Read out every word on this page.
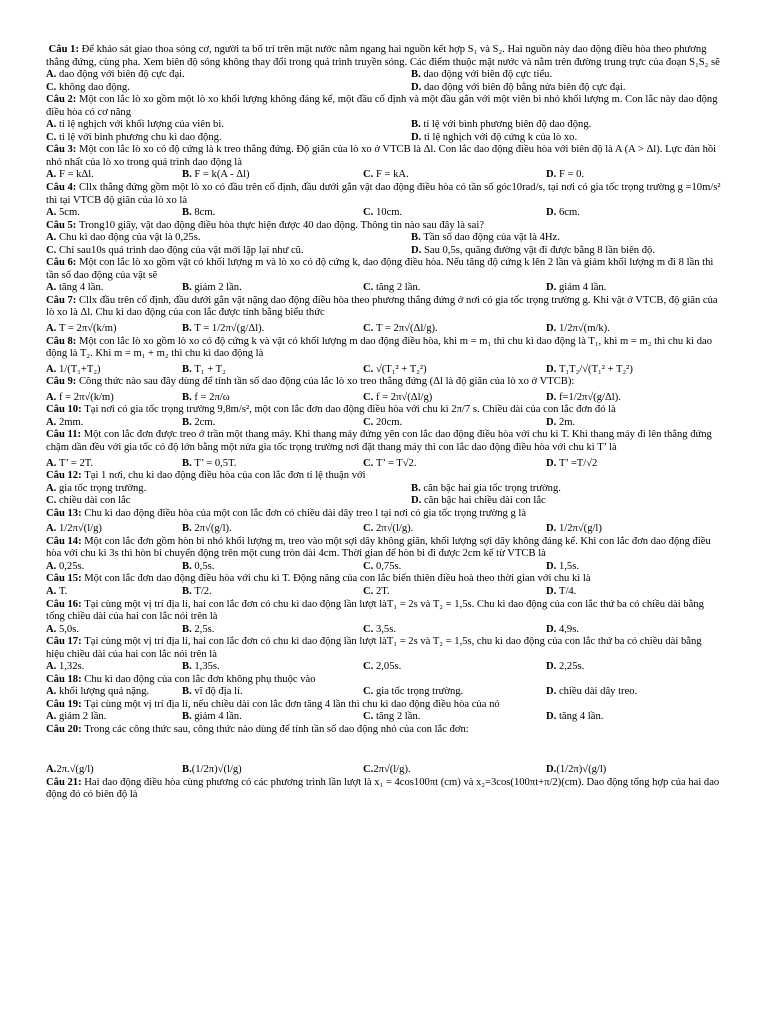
Câu 1: Để khảo sát giao thoa sóng cơ, người ta bố trí trên mặt nước nằm ngang hai nguồn kết hợp S₁ và S₂. Hai nguồn này dao động điều hòa theo phương thẳng đứng, cùng pha. Xem biên độ sóng không thay đổi trong quá trình truyền sóng. Các điểm thuộc mặt nước và nằm trên đường trung trực của đoạn S₁S₂ sẽ

A. dao động với biên độ cực đại.	B. dao động với biên độ cực tiểu.
C. không dao động.	D. dao động với biên độ bằng nửa biên độ cực đại.

Câu 2: Một con lắc lò xo gồm một lò xo khối lượng không đáng kể, một đầu cố định và một đầu gắn với một viên bi nhỏ khối lượng m. Con lắc này dao động điều hòa có cơ năng

A. tỉ lệ nghịch với khối lượng của viên bi.	B. tỉ lệ với bình phương biên độ dao động.
C. tỉ lệ với bình phương chu kì dao động.	D. tỉ lệ nghịch với độ cứng k của lò xo.

Câu 3: Một con lắc lò xo có độ cứng là k treo thẳng đứng. Độ giãn của lò xo ở VTCB là Δl. Con lắc dao động điều hòa với biên độ là A (A > Δl). Lực đàn hồi nhỏ nhất của lò xo trong quá trình dao động là

A. F = kΔl.	B. F = k(A - Δl)	C. F = kA.	D. F = 0.

Câu 4: Cllx thẳng đứng gồm một lò xo có đầu trên cố định, đầu dưới gắn vật dao động điều hòa có tần số góc10rad/s, tại nơi có gia tốc trọng trường g =10m/s² thì tại VTCB độ giãn của lò xo là

A. 5cm.	B. 8cm.	C. 10cm.	D. 6cm.

Câu 5: Trong10 giây, vật dao động điều hòa thực hiện được 40 dao động. Thông tin nào sau đây là sai?

A. Chu kì dao động của vật là 0,25s.	B. Tần số dao động của vật là 4Hz.
C. Chỉ sau10s quá trình dao động của vật mới lặp lại như cũ.	D. Sau 0,5s, quãng đường vật đi được bằng 8 lần biên độ.

Câu 6: Một con lắc lò xo gồm vật có khối lượng m và lò xo có độ cứng k, dao động điều hòa. Nếu tăng độ cứng k lên 2 lần và giảm khối lượng m đi 8 lần thì tần số dao động của vật sẽ

A. tăng 4 lần.	B. giảm 2 lần.	C. tăng 2 lần.	D. giảm 4 lần.

Câu 7: Cllx đầu trên cố định, đầu dưới gắn vật nặng dao động điều hòa theo phương thẳng đứng ở nơi có gia tốc trọng trường g. Khi vật ở VTCB, độ giãn của lò xo là Δl. Chu kì dao động của con lắc được tính bằng biểu thức

A. T = 2π√(k/m)	B. T = 1/2π√(g/Δl).	C. T = 2π√(Δl/g).	D. 1/2π√(m/k).

Câu 8: Một con lắc lò xo gồm lò xo có độ cứng k và vật có khối lượng m dao động điều hòa, khi m = m₁ thì chu kì dao động là T₁, khi m = m₂ thì chu kì dao động là T₂. Khi m = m₁ + m₂ thì chu kì dao động là

A. 1/(T₁+T₂)	B. T₁ + T₂	C. √(T₁² + T₂²)	D. T₁T₂/√(T₁² + T₂²)

Câu 9: Công thức nào sau đây dùng để tính tần số dao động của lắc lò xo treo thẳng đứng (Δl là độ giãn của lò xo ở VTCB):

A. f = 2π√(k/m)	B. f = 2π/ω	C. f = 2π√(Δl/g)	D. f=1/2π√(g/Δl).

Câu 10: Tại nơi có gia tốc trọng trường 9,8m/s², một con lắc đơn dao động điều hòa với chu kì 2π/7 s. Chiều dài của con lắc đơn đó là

A. 2mm.	B. 2cm.	C. 20cm.	D. 2m.

Câu 11: Một con lắc đơn được treo ở trần một thang máy. Khi thang máy đứng yên con lắc dao động điều hòa với chu kì T. Khi thang máy đi lên thẳng đứng chậm dần đều với gia tốc có độ lớn bằng một nửa gia tốc trọng trường nơi đặt thang máy thì con lắc dao động điều hòa với chu kì T’ là

A. T’ = 2T.	B. T’ = 0,5T.	C. T’ = T√2.	D. T’ =T/√2

Câu 12: Tại 1 nơi, chu kì dao động điều hòa của con lắc đơn tỉ lệ thuận với

A. gia tốc trọng trường.	B. căn bậc hai gia tốc trọng trường.
C. chiều dài con lắc	D. căn bậc hai chiều dài con lắc

Câu 13: Chu kì dao động điều hòa của một con lắc đơn có chiều dài dây treo l tại nơi có gia tốc trọng trường g là

A. 1/2π√(l/g)	B. 2π√(g/l).	C. 2π√(l/g).	D. 1/2π√(g/l)

Câu 14: Một con lắc đơn gồm hòn bi nhỏ khối lượng m, treo vào một sợi dây không giãn, khối lượng sợi dây không đáng kể. Khi con lắc đơn dao động điều hòa với chu kì 3s thì hòn bi chuyển động trên một cung tròn dài 4cm. Thời gian để hòn bi đi được 2cm kể từ VTCB là

A. 0,25s.	B. 0,5s.	C. 0,75s.	D. 1,5s.

Câu 15: Một con lắc đơn dao động điều hòa với chu kì T. Động năng của con lắc biến thiên điều hoà theo thời gian với chu kì là

A. T.	B. T/2.	C. 2T.	D. T/4.

Câu 16: Tại cùng một vị trí địa lí, hai con lắc đơn có chu kì dao động lần lượt làT₁ = 2s và T₂ = 1,5s. Chu kì dao động của con lắc thứ ba có chiều dài bằng tổng chiều dài của hai con lắc nói trên là

A. 5,0s.	B. 2,5s.	C. 3,5s.	D. 4,9s.

Câu 17: Tại cùng một vị trí địa lí, hai con lắc đơn có chu kì dao động lần lượt làT₁ = 2s và T₂ = 1,5s, chu kì dao động của con lắc thứ ba có chiều dài bằng hiệu chiều dài của hai con lắc nói trên là

A. 1,32s.	B. 1,35s.	C. 2,05s.	D. 2,25s.

Câu 18: Chu kì dao động của con lắc đơn không phụ thuộc vào

A. khối lượng quả nặng.	B. vĩ độ địa lí.	C. gia tốc trọng trường.	D. chiều dài dây treo.

Câu 19: Tại cùng một vị trí địa lí, nếu chiều dài con lắc đơn tăng 4 lần thì chu kì dao động điều hòa của nó

A. giảm 2 lần.	B. giảm 4 lần.	C. tăng 2 lần.	D. tăng 4 lần.

Câu 20: Trong các công thức sau, công thức nào dùng để tính tần số dao động nhỏ của con lắc đơn:

A. 2π.√(g/l)	B. (1/2π)√(l/g)	C. 2π√(l/g).	D. (1/2π)√(g/l)

Câu 21: Hai dao động điều hòa cùng phương có các phương trình lần lượt là x₁ = 4cos100πt (cm) và x₂=3cos(100πt+π/2)(cm). Dao động tổng hợp của hai dao động đó có biên độ là
